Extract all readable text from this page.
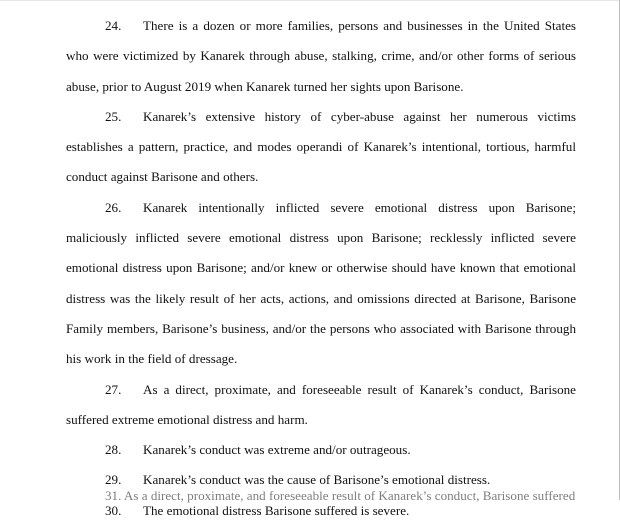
24. There is a dozen or more families, persons and businesses in the United States who were victimized by Kanarek through abuse, stalking, crime, and/or other forms of serious abuse, prior to August 2019 when Kanarek turned her sights upon Barisone.

25. Kanarek’s extensive history of cyber-abuse against her numerous victims establishes a pattern, practice, and modes operandi of Kanarek’s intentional, tortious, harmful conduct against Barisone and others.

26. Kanarek intentionally inflicted severe emotional distress upon Barisone; maliciously inflicted severe emotional distress upon Barisone; recklessly inflicted severe emotional distress upon Barisone; and/or knew or otherwise should have known that emotional distress was the likely result of her acts, actions, and omissions directed at Barisone, Barisone Family members, Barisone’s business, and/or the persons who associated with Barisone through his work in the field of dressage.

27. As a direct, proximate, and foreseeable result of Kanarek’s conduct, Barisone suffered extreme emotional distress and harm.

28. Kanarek’s conduct was extreme and/or outrageous.

29. Kanarek’s conduct was the cause of Barisone’s emotional distress.

30. The emotional distress Barisone suffered is severe.

31. As a direct, proximate, and foreseeable result of Kanarek’s conduct, Barisone suffered
